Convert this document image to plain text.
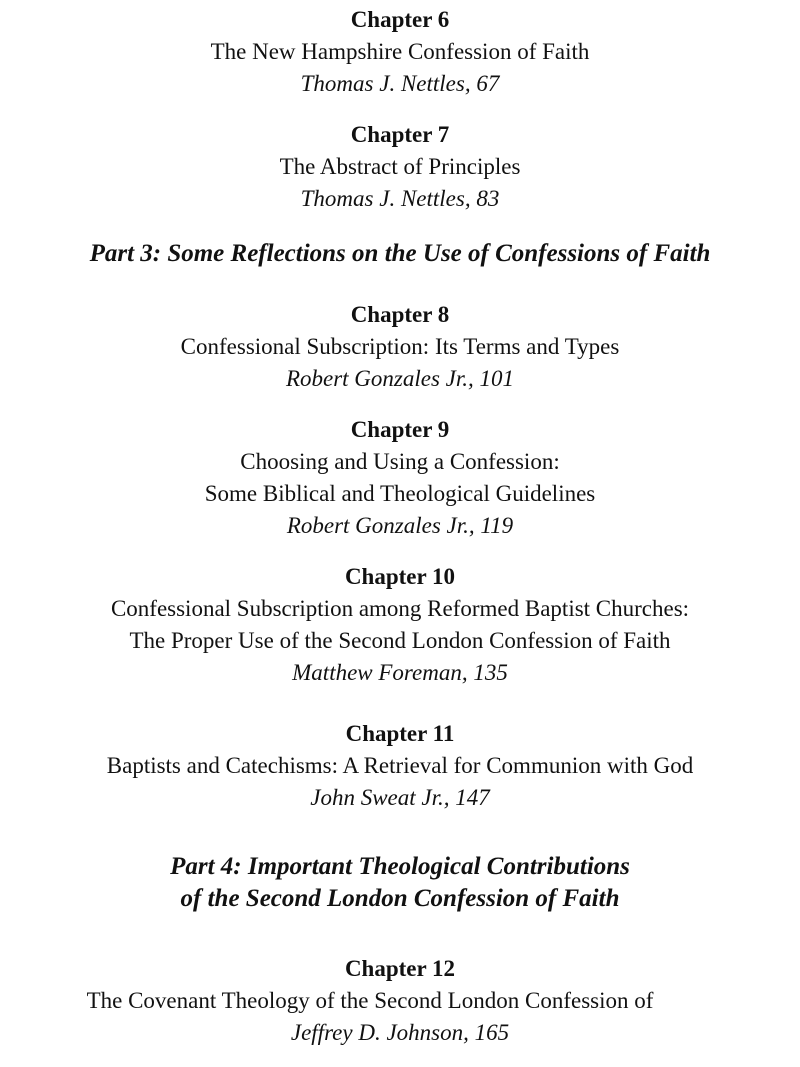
Chapter 6
The New Hampshire Confession of Faith
Thomas J. Nettles, 67
Chapter 7
The Abstract of Principles
Thomas J. Nettles, 83
Part 3: Some Reflections on the Use of Confessions of Faith
Chapter 8
Confessional Subscription: Its Terms and Types
Robert Gonzales Jr., 101
Chapter 9
Choosing and Using a Confession:
Some Biblical and Theological Guidelines
Robert Gonzales Jr., 119
Chapter 10
Confessional Subscription among Reformed Baptist Churches:
The Proper Use of the Second London Confession of Faith
Matthew Foreman, 135
Chapter 11
Baptists and Catechisms: A Retrieval for Communion with God
John Sweat Jr., 147
Part 4: Important Theological Contributions
of the Second London Confession of Faith
Chapter 12
The Covenant Theology of the Second London Confession of
Jeffrey D. Johnson, 165
